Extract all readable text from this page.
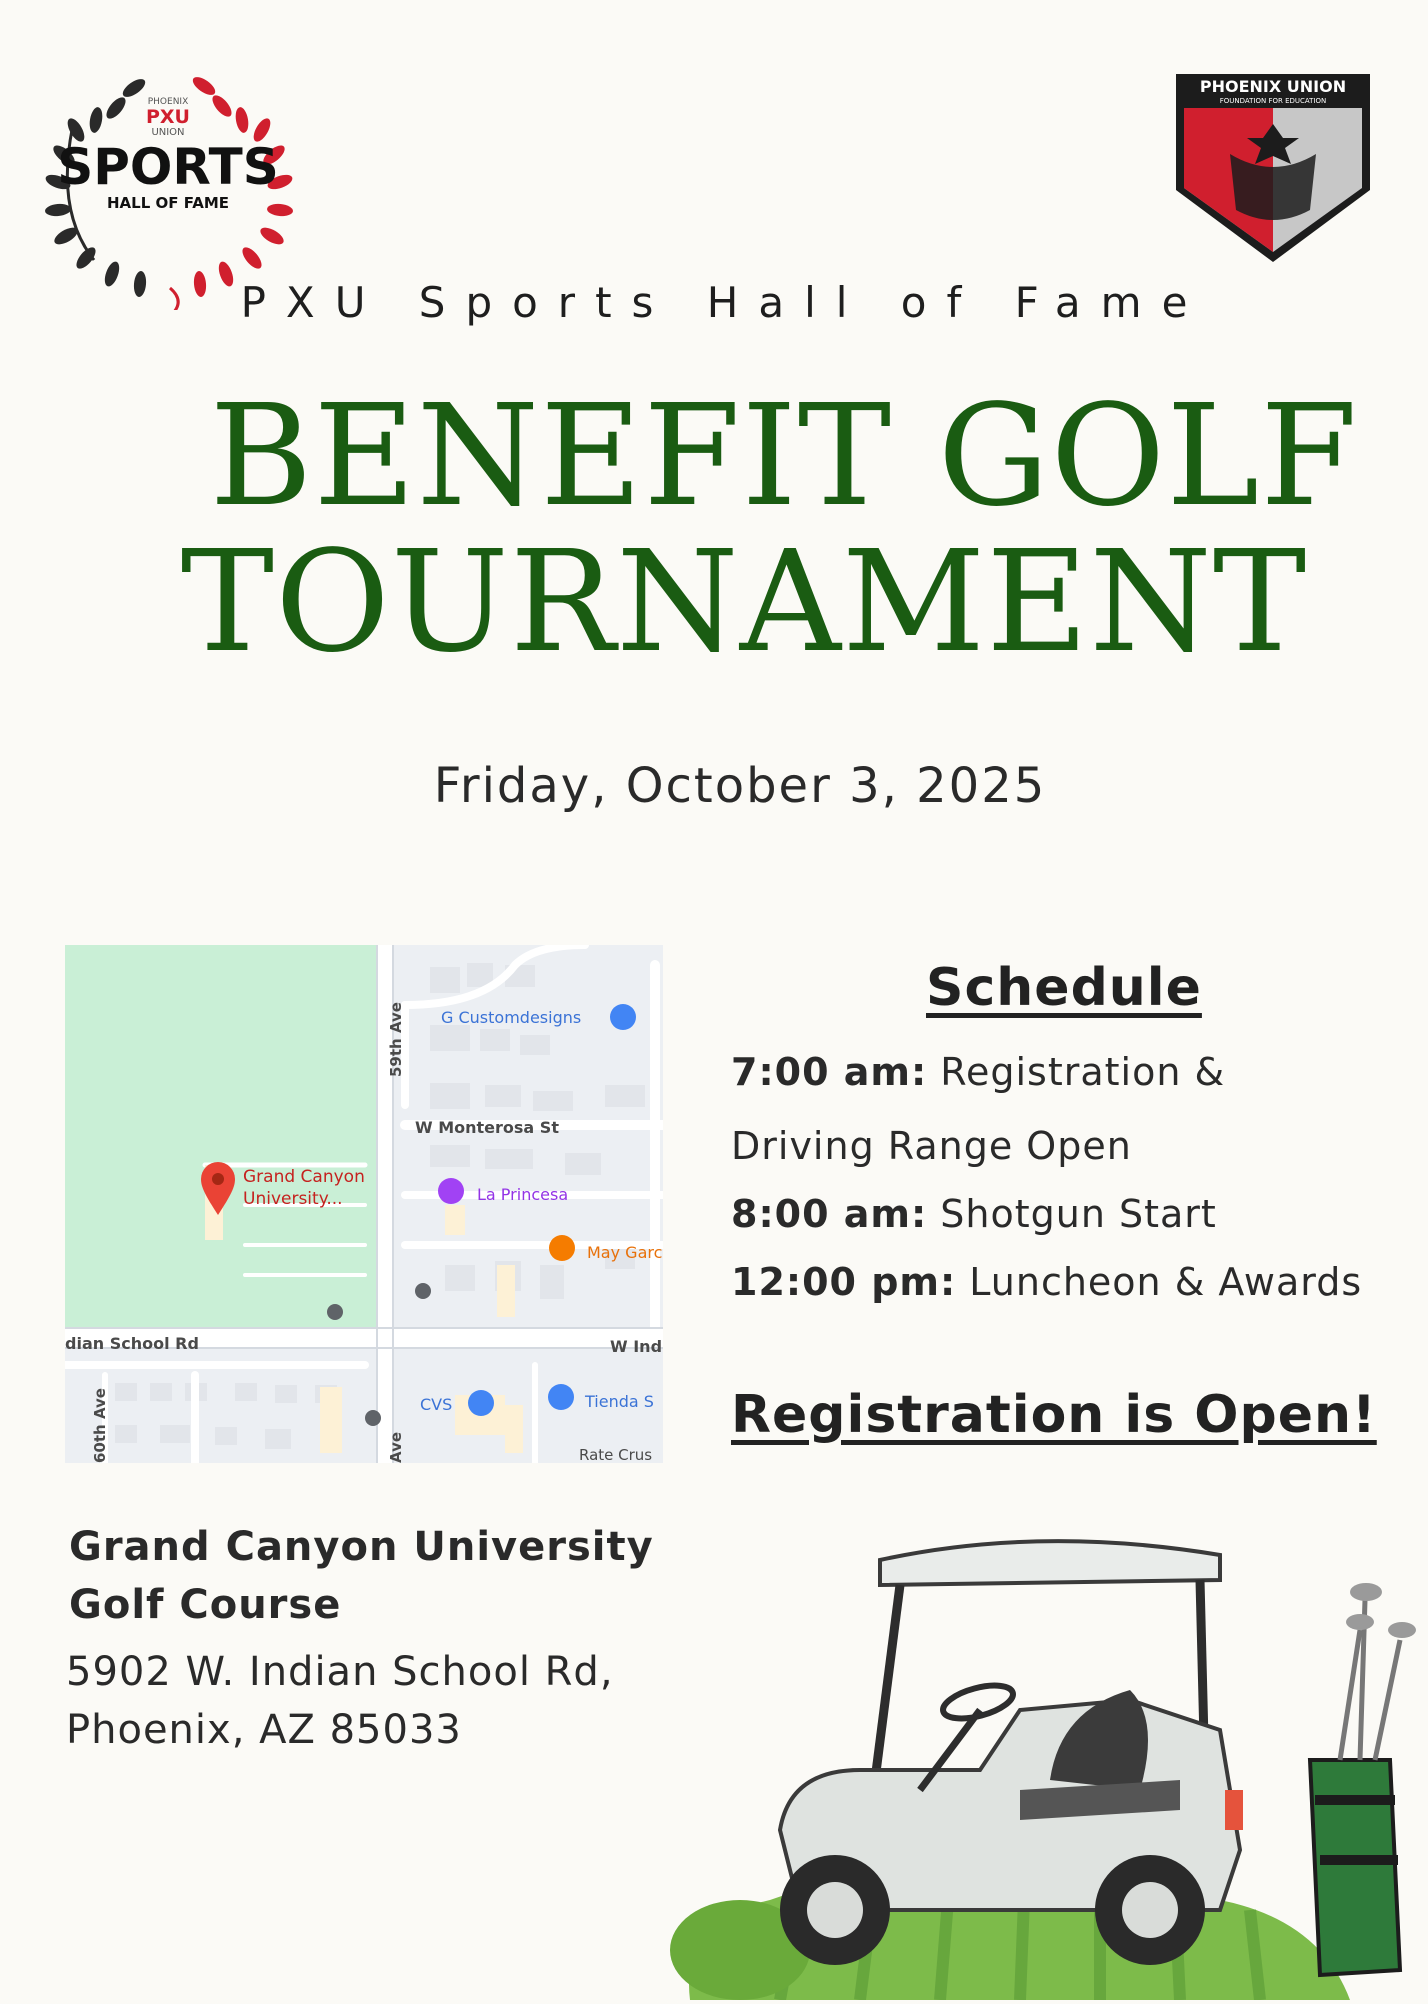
PHOENIX
PXU
UNION
SPORTS
HALL OF FAME
PHOENIX UNION
FOUNDATION FOR EDUCATION
PXU Sports Hall of Fame
BENEFIT GOLF
TOURNAMENT
Friday, October 3, 2025
Grand Canyon
University...
G Customdesigns
W Monterosa St
La Princesa
May Garc
dian School Rd	W Ind
59th Ave
60th Ave	Ave
CVS	Tienda S
Rate Crus
Schedule
7:00 am: Registration &
Driving Range Open
8:00 am: Shotgun Start
12:00 pm: Luncheon & Awards
Registration is Open!
Grand Canyon University
Golf Course
5902 W. Indian School Rd,
Phoenix, AZ 85033
